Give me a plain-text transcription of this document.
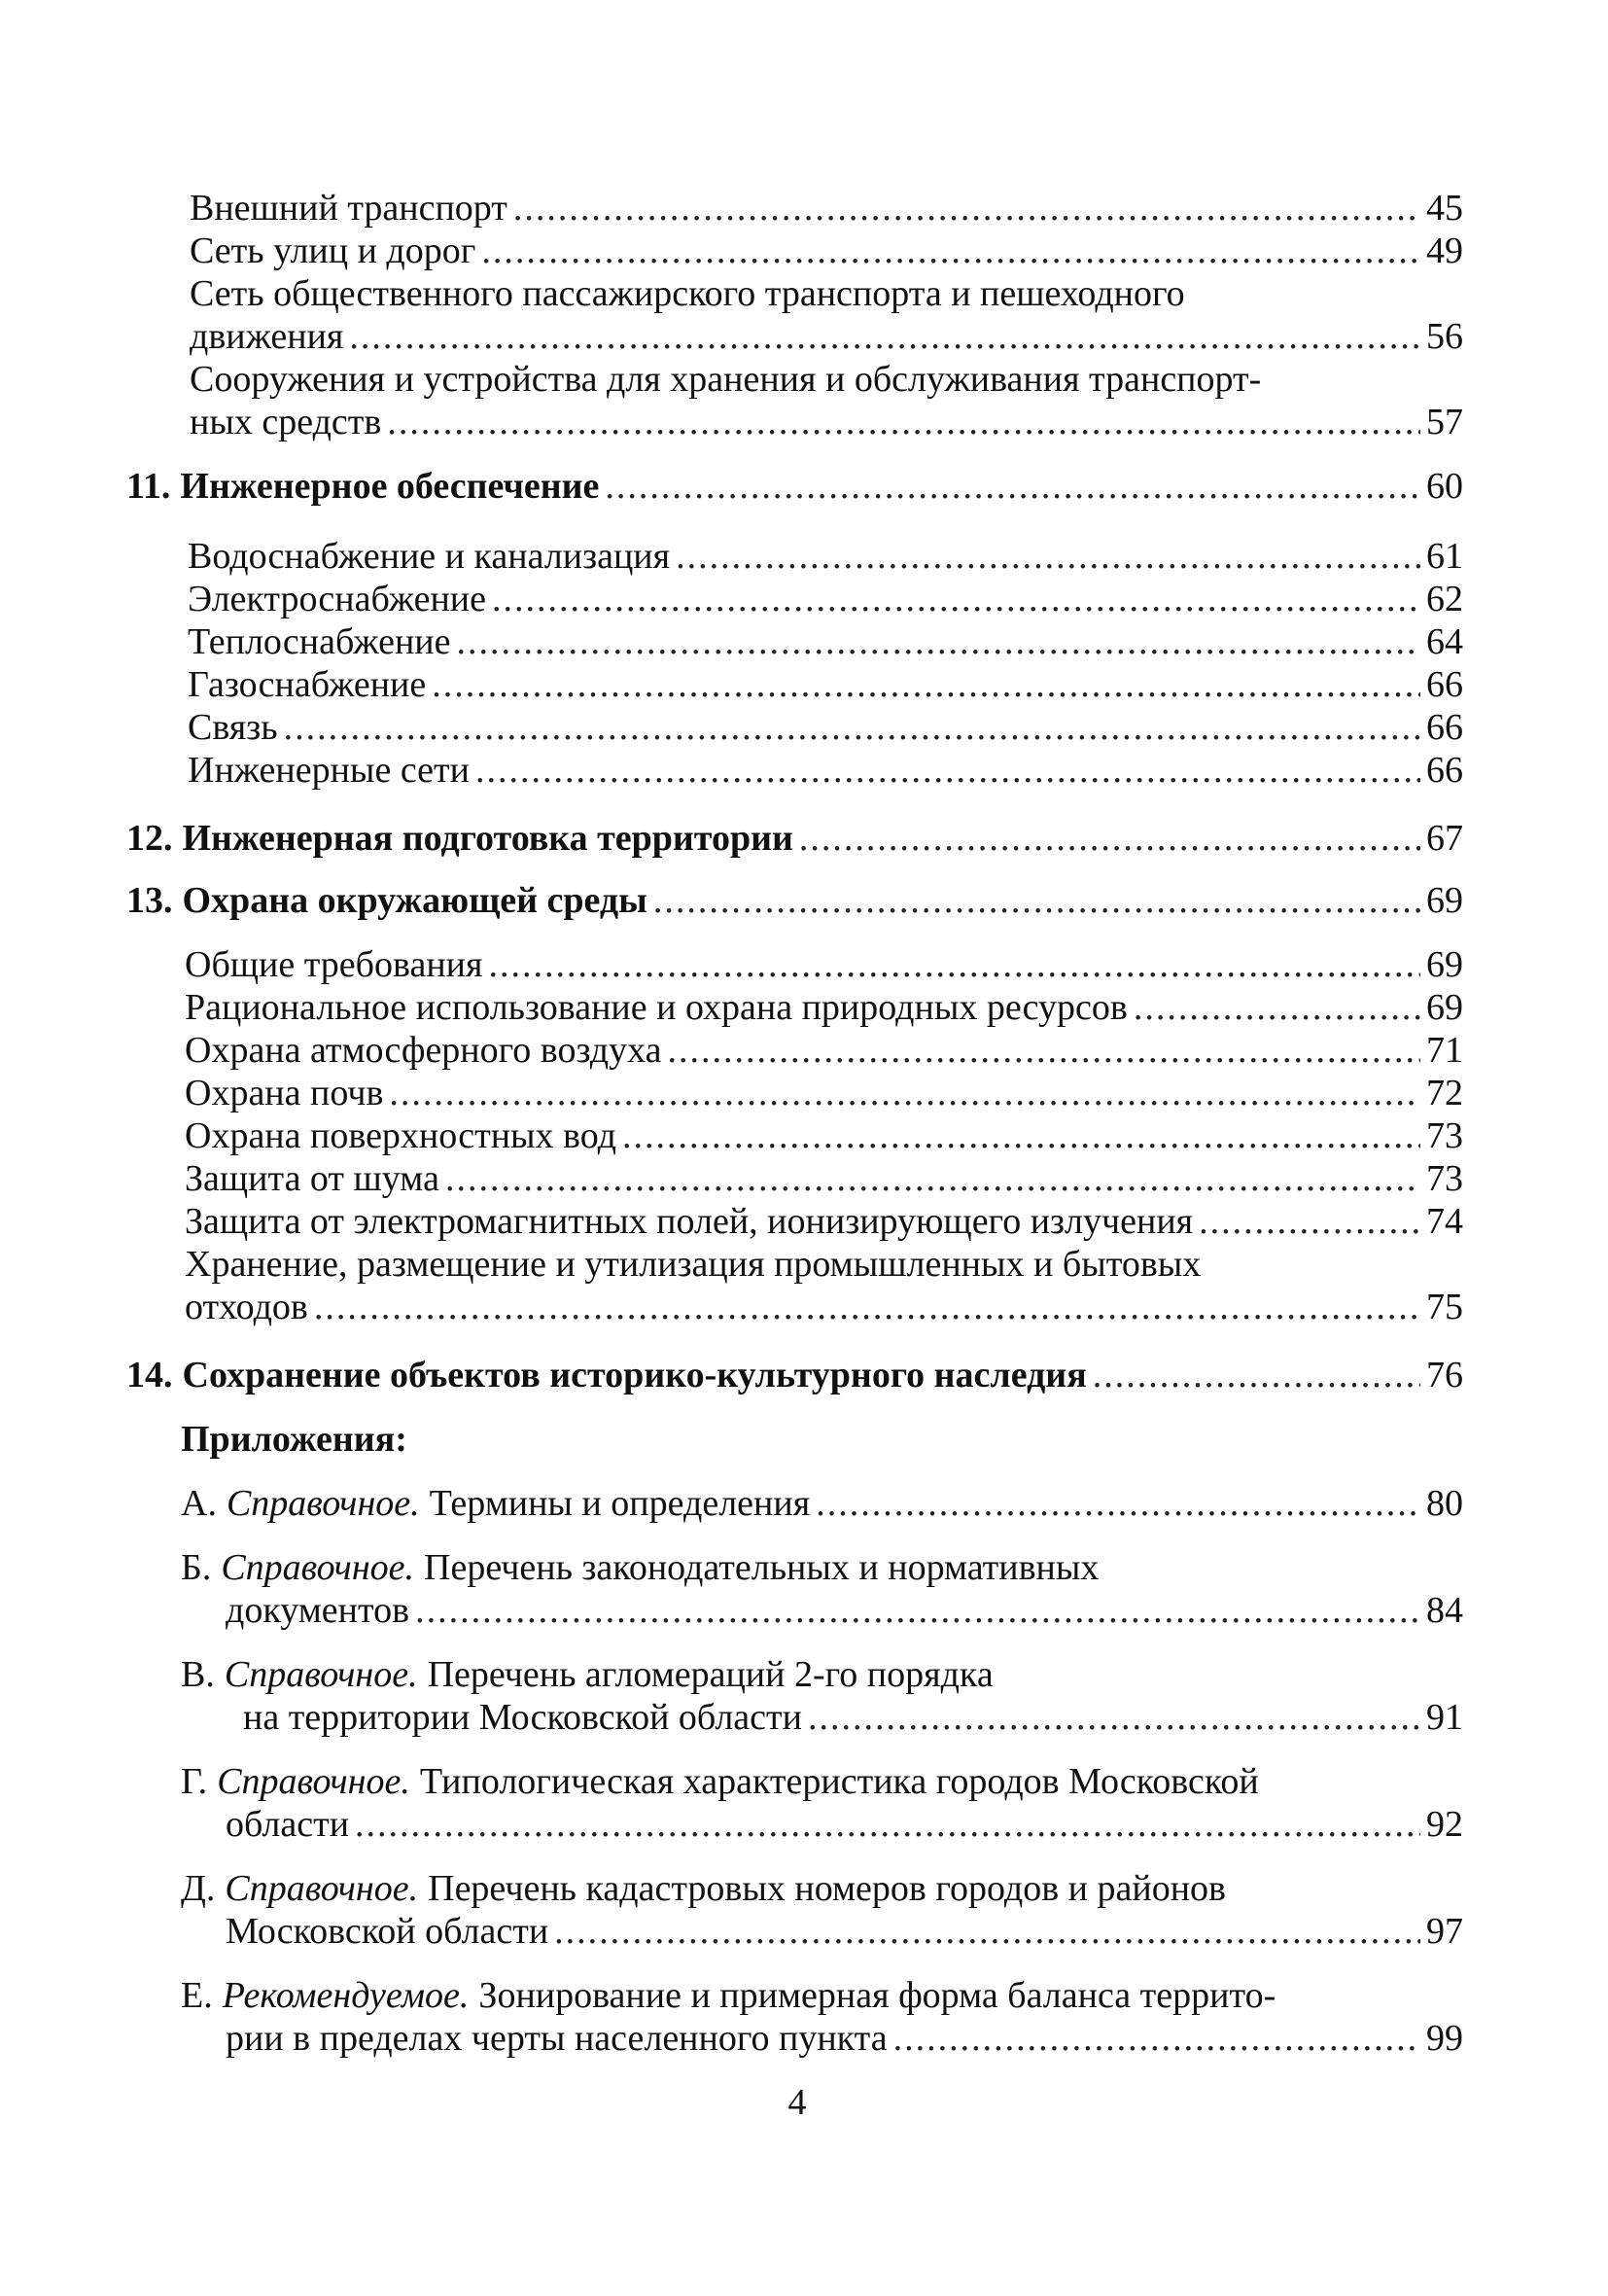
Внешний транспорт .....	45
Сеть улиц и дорог .....	49
Сеть общественного пассажирского транспорта и пешеходного
движения .....	56
Сооружения и устройства для хранения и обслуживания транспорт-
ных средств .....	57
11. Инженерное обеспечение .....	60
Водоснабжение и канализация .....	61
Электроснабжение .....	62
Теплоснабжение .....	64
Газоснабжение .....	66
Связь .....	66
Инженерные сети .....	66
12. Инженерная подготовка территории .....	67
13. Охрана окружающей среды .....	69
Общие требования .....	69
Рациональное использование и охрана природных ресурсов .....	69
Охрана атмосферного воздуха .....	71
Охрана почв .....	72
Охрана поверхностных вод .....	73
Защита от шума .....	73
Защита от электромагнитных полей, ионизирующего излучения .....	74
Хранение, размещение и утилизация промышленных и бытовых
отходов .....	75
14. Сохранение объектов историко-культурного наследия .....	76
Приложения:
А. Справочное. Термины и определения .....	80
Б. Справочное. Перечень законодательных и нормативных
документов .....	84
В. Справочное. Перечень агломераций 2-го порядка
на территории Московской области .....	91
Г. Справочное. Типологическая характеристика городов Московской
области .....	92
Д. Справочное. Перечень кадастровых номеров городов и районов
Московской области .....	97
Е. Рекомендуемое. Зонирование и примерная форма баланса террито-
рии в пределах черты населенного пункта .....	99
4
